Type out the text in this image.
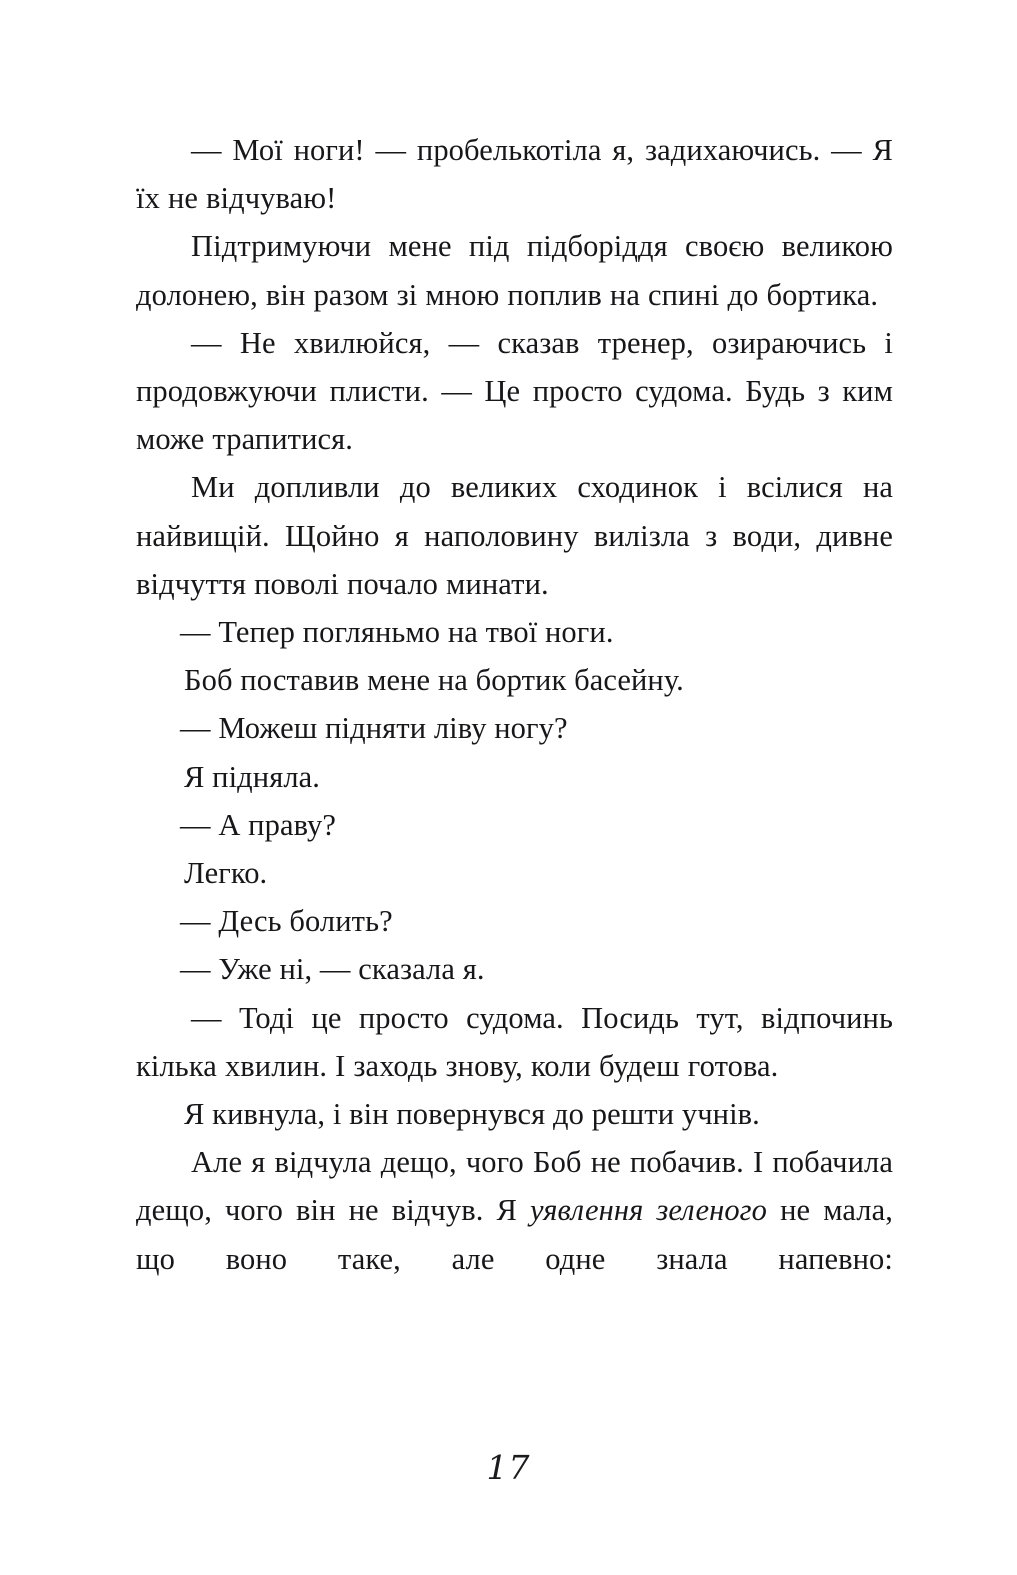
— Мої ноги! — пробелькотіла я, задихаючись. — Я їх не відчуваю!

Підтримуючи мене під підборіддя своєю великою долонею, він разом зі мною поплив на спині до бортика.

— Не хвилюйся, — сказав тренер, озираючись і продовжуючи плисти. — Це просто судома. Будь з ким може трапитися.

Ми допливли до великих сходинок і всілися на найвищій. Щойно я наполовину вилізла з води, дивне відчуття поволі почало минати.

— Тепер погляньмо на твої ноги.

Боб поставив мене на бортик басейну.

— Можеш підняти ліву ногу?

Я підняла.

— А праву?

Легко.

— Десь болить?

— Уже ні, — сказала я.

— Тоді це просто судома. Посидь тут, відпочинь кілька хвилин. І заходь знову, коли будеш готова.

Я кивнула, і він повернувся до решти учнів.

Але я відчула дещо, чого Боб не побачив. І побачила дещо, чого він не відчув. Я уявлення зеленого не мала, що воно таке, але одне знала напевно:

17
